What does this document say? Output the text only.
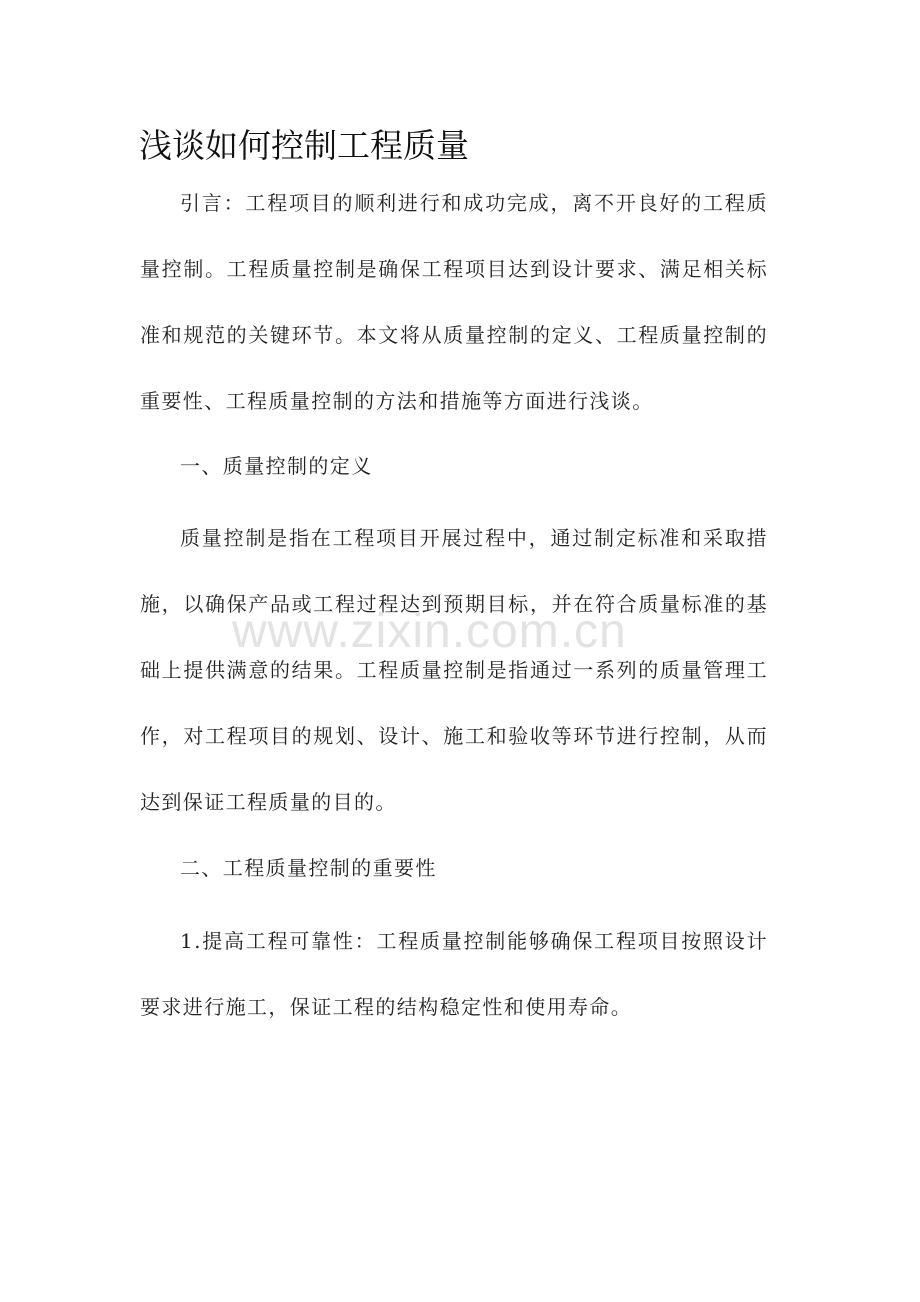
浅谈如何控制工程质量

引言：工程项目的顺利进行和成功完成，离不开良好的工程质量控制。工程质量控制是确保工程项目达到设计要求、满足相关标准和规范的关键环节。本文将从质量控制的定义、工程质量控制的重要性、工程质量控制的方法和措施等方面进行浅谈。

一、质量控制的定义

质量控制是指在工程项目开展过程中，通过制定标准和采取措施，以确保产品或工程过程达到预期目标，并在符合质量标准的基础上提供满意的结果。工程质量控制是指通过一系列的质量管理工作，对工程项目的规划、设计、施工和验收等环节进行控制，从而达到保证工程质量的目的。

二、工程质量控制的重要性

1.提高工程可靠性：工程质量控制能够确保工程项目按照设计要求进行施工，保证工程的结构稳定性和使用寿命。

www.zixin.com.cn
